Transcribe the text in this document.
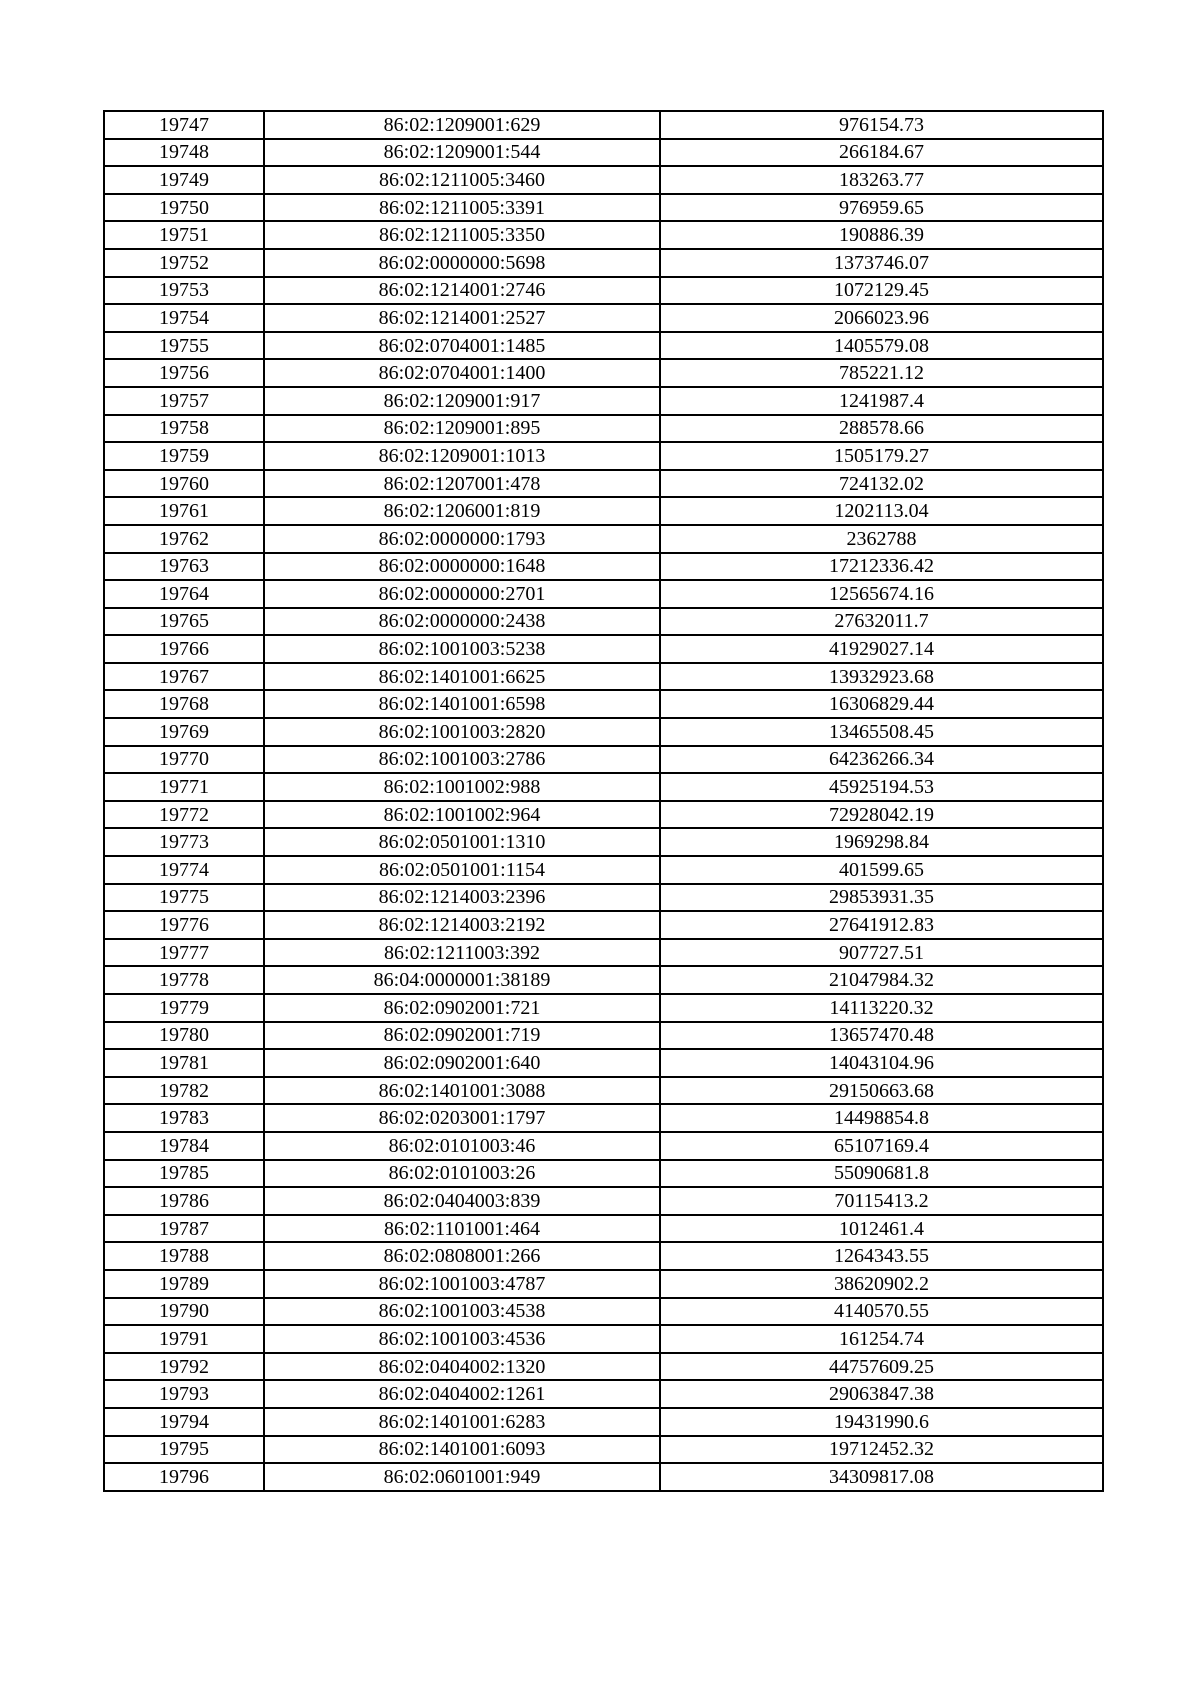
19747	86:02:1209001:629	976154.73
19748	86:02:1209001:544	266184.67
19749	86:02:1211005:3460	183263.77
19750	86:02:1211005:3391	976959.65
19751	86:02:1211005:3350	190886.39
19752	86:02:0000000:5698	1373746.07
19753	86:02:1214001:2746	1072129.45
19754	86:02:1214001:2527	2066023.96
19755	86:02:0704001:1485	1405579.08
19756	86:02:0704001:1400	785221.12
19757	86:02:1209001:917	1241987.4
19758	86:02:1209001:895	288578.66
19759	86:02:1209001:1013	1505179.27
19760	86:02:1207001:478	724132.02
19761	86:02:1206001:819	1202113.04
19762	86:02:0000000:1793	2362788
19763	86:02:0000000:1648	17212336.42
19764	86:02:0000000:2701	12565674.16
19765	86:02:0000000:2438	27632011.7
19766	86:02:1001003:5238	41929027.14
19767	86:02:1401001:6625	13932923.68
19768	86:02:1401001:6598	16306829.44
19769	86:02:1001003:2820	13465508.45
19770	86:02:1001003:2786	64236266.34
19771	86:02:1001002:988	45925194.53
19772	86:02:1001002:964	72928042.19
19773	86:02:0501001:1310	1969298.84
19774	86:02:0501001:1154	401599.65
19775	86:02:1214003:2396	29853931.35
19776	86:02:1214003:2192	27641912.83
19777	86:02:1211003:392	907727.51
19778	86:04:0000001:38189	21047984.32
19779	86:02:0902001:721	14113220.32
19780	86:02:0902001:719	13657470.48
19781	86:02:0902001:640	14043104.96
19782	86:02:1401001:3088	29150663.68
19783	86:02:0203001:1797	14498854.8
19784	86:02:0101003:46	65107169.4
19785	86:02:0101003:26	55090681.8
19786	86:02:0404003:839	70115413.2
19787	86:02:1101001:464	1012461.4
19788	86:02:0808001:266	1264343.55
19789	86:02:1001003:4787	38620902.2
19790	86:02:1001003:4538	4140570.55
19791	86:02:1001003:4536	161254.74
19792	86:02:0404002:1320	44757609.25
19793	86:02:0404002:1261	29063847.38
19794	86:02:1401001:6283	19431990.6
19795	86:02:1401001:6093	19712452.32
19796	86:02:0601001:949	34309817.08
